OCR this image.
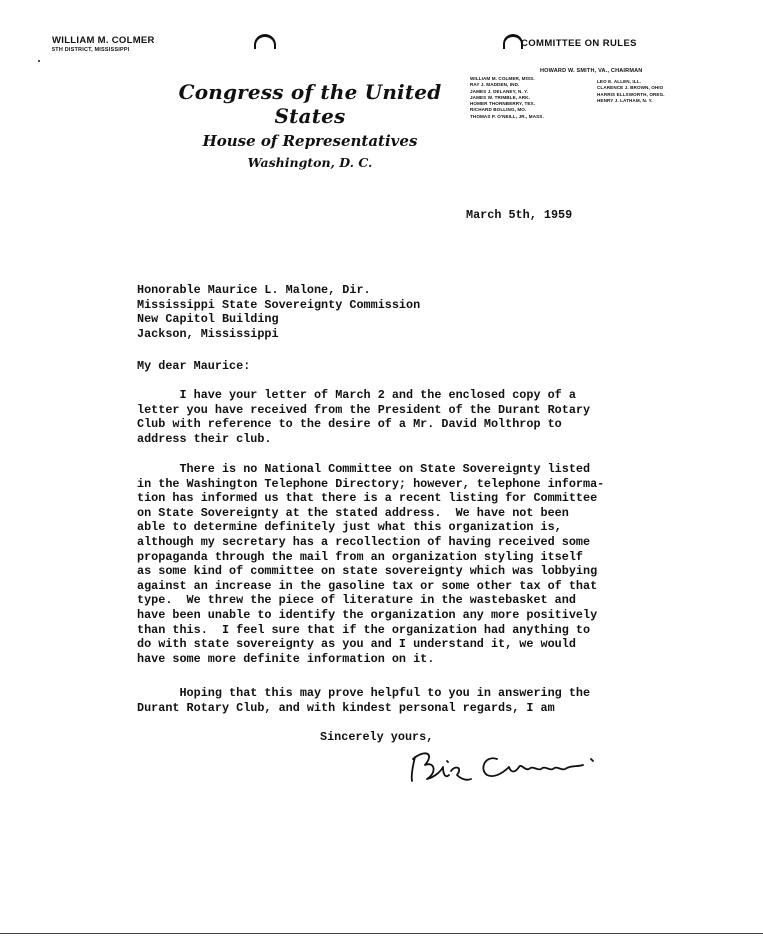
WILLIAM M. COLMER
5TH DISTRICT, MISSISSIPPI
Congress of the United States
House of Representatives
Washington, D. C.
COMMITTEE ON RULES
HOWARD W. SMITH, VA., CHAIRMAN
WILLIAM M. COLMER, MISS.
RAY J. MADDEN, IND.
JAMES J. DELANEY, N. Y.
JAMES W. TRIMBLE, ARK.
HOMER THORNBERRY, TEX.
RICHARD BOLLING, MO.
THOMAS P. O'NEILL, JR., MASS.
LEO E. ALLEN, ILL.
CLARENCE J. BROWN, OHIO
HARRIS ELLSWORTH, OREG.
HENRY J. LATHAM, N. Y.
March 5th, 1959
Honorable Maurice L. Malone, Dir.
Mississippi State Sovereignty Commission
New Capitol Building
Jackson, Mississippi
My dear Maurice:
I have your letter of March 2 and the enclosed copy of a
letter you have received from the President of the Durant Rotary
Club with reference to the desire of a Mr. David Molthrop to
address their club.
There is no National Committee on State Sovereignty listed
in the Washington Telephone Directory; however, telephone informa-
tion has informed us that there is a recent listing for Committee
on State Sovereignty at the stated address.  We have not been
able to determine definitely just what this organization is,
although my secretary has a recollection of having received some
propaganda through the mail from an organization styling itself
as some kind of committee on state sovereignty which was lobbying
against an increase in the gasoline tax or some other tax of that
type.  We threw the piece of literature in the wastebasket and
have been unable to identify the organization any more positively
than this.  I feel sure that if the organization had anything to
do with state sovereignty as you and I understand it, we would
have some more definite information on it.
Hoping that this may prove helpful to you in answering the
Durant Rotary Club, and with kindest personal regards, I am
Sincerely yours,
